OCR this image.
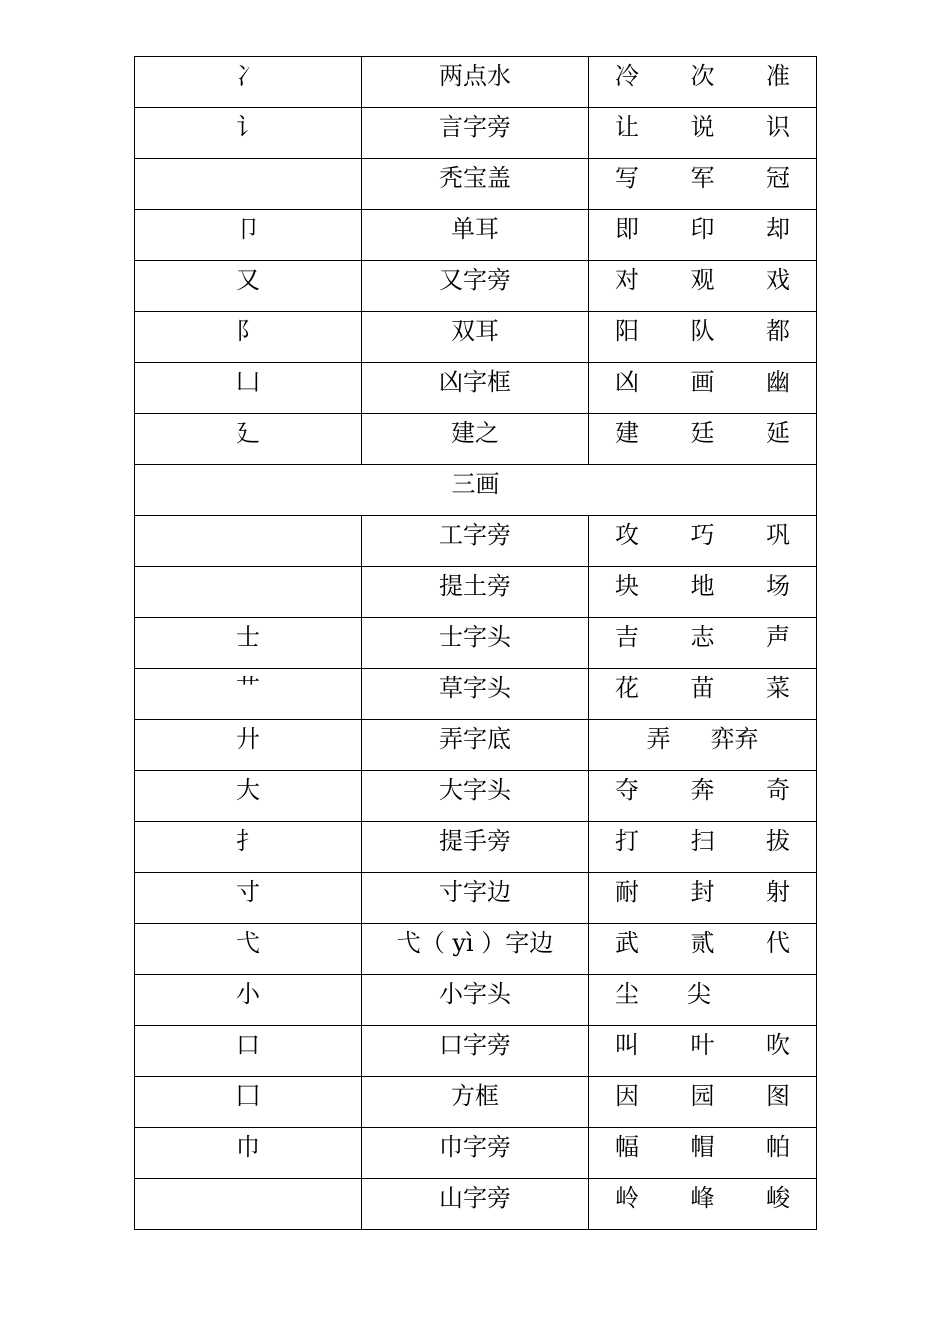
冫	两点水	冷 次 准

讠	言字旁	让 说 识

	秃宝盖	写 军 冠

卩	单耳	即 印 却

又	又字旁	对 观 戏

阝	双耳	阳 队 都

凵	凶字框	凶 画 幽

廴	建之	建 廷 延

三画		

	工字旁	攻 巧 巩

	提土旁	块 地 场

士	士字头	吉 志 声

艹	草字头	花 苗 菜

廾	弄字底	弄 弈弃

大	大字头	夺 奔 奇

扌	提手旁	打 扫 拔

寸	寸字边	耐 封 射

弋	弋（ yì ）字边	武 贰 代

小	小字头	尘 尖

口	口字旁	叫 叶 吹

囗	方框	因 园 图

巾	巾字旁	幅 帽 帕

	山字旁	岭 峰 峻
